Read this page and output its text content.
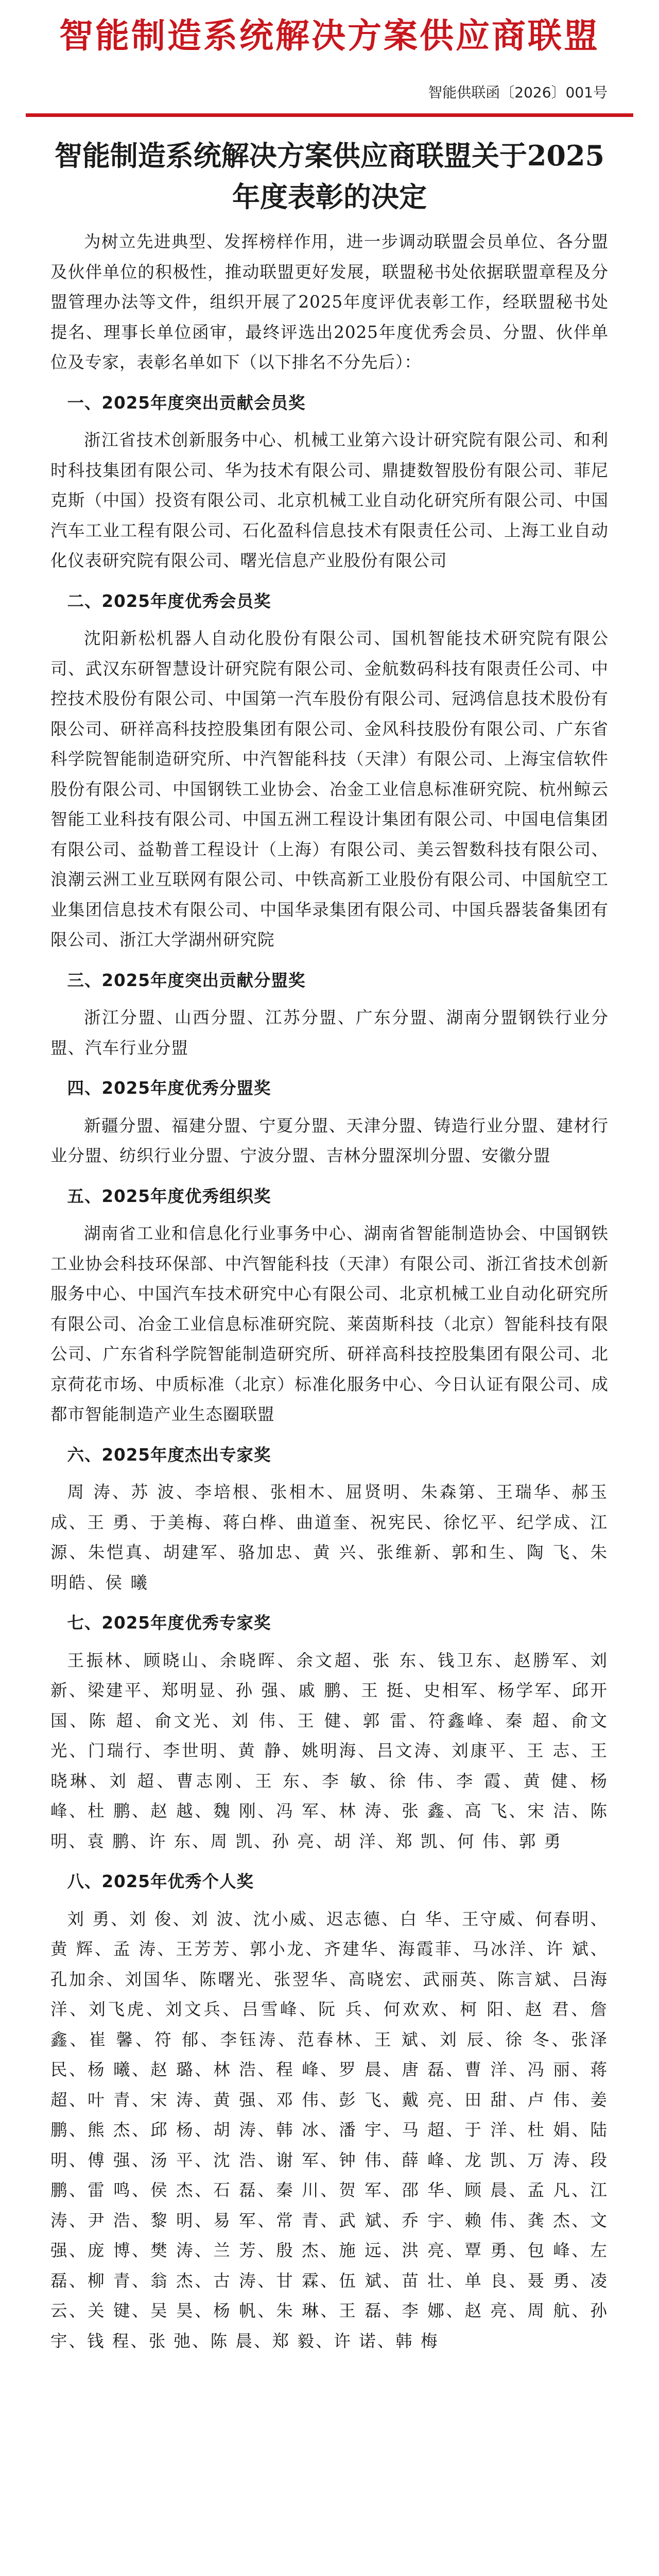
智能制造系统解决方案供应商联盟
智能供联函〔2026〕001号
智能制造系统解决方案供应商联盟关于2025年度表彰的决定

为树立先进典型、发挥榜样作用，进一步调动联盟会员单位、各分盟及伙伴单位的积极性，推动联盟更好发展，联盟秘书处依据联盟章程及分盟管理办法等文件，组织开展了2025年度评优表彰工作，经联盟秘书处提名、理事长单位函审，最终评选出2025年度优秀会员、分盟、伙伴单位及专家，表彰名单如下（以下排名不分先后）：

一、2025年度突出贡献会员奖

浙江省技术创新服务中心、机械工业第六设计研究院有限公司、和利时科技集团有限公司、华为技术有限公司、鼎捷数智股份有限公司、菲尼克斯（中国）投资有限公司、北京机械工业自动化研究所有限公司、中国汽车工业工程有限公司、石化盈科信息技术有限责任公司、上海工业自动化仪表研究院有限公司、曙光信息产业股份有限公司

二、2025年度优秀会员奖

沈阳新松机器人自动化股份有限公司、国机智能技术研究院有限公司、武汉东研智慧设计研究院有限公司、金航数码科技有限责任公司、中控技术股份有限公司、中国第一汽车股份有限公司、冠鸿信息技术股份有限公司、研祥高科技控股集团有限公司、金风科技股份有限公司、广东省科学院智能制造研究所、中汽智能科技（天津）有限公司、上海宝信软件股份有限公司、中国钢铁工业协会、冶金工业信息标准研究院、杭州鲸云智能工业科技有限公司、中国五洲工程设计集团有限公司、中国电信集团有限公司、益勒普工程设计（上海）有限公司、美云智数科技有限公司、浪潮云洲工业互联网有限公司、中铁高新工业股份有限公司、中国航空工业集团信息技术有限公司、中国华录集团有限公司、中国兵器装备集团有限公司、浙江大学湖州研究院

三、2025年度突出贡献分盟奖

浙江分盟、山西分盟、江苏分盟、广东分盟、湖南分盟钢铁行业分盟、汽车行业分盟

四、2025年度优秀分盟奖

新疆分盟、福建分盟、宁夏分盟、天津分盟、铸造行业分盟、建材行业分盟、纺织行业分盟、宁波分盟、吉林分盟深圳分盟、安徽分盟

五、2025年度优秀组织奖

湖南省工业和信息化行业事务中心、湖南省智能制造协会、中国钢铁工业协会科技环保部、中汽智能科技（天津）有限公司、浙江省技术创新服务中心、中国汽车技术研究中心有限公司、北京机械工业自动化研究所有限公司、冶金工业信息标准研究院、莱茵斯科技（北京）智能科技有限公司、广东省科学院智能制造研究所、研祥高科技控股集团有限公司、北京荷花市场、中质标准（北京）标准化服务中心、今日认证有限公司、成都市智能制造产业生态圈联盟

六、2025年度杰出专家奖

周 涛、苏 波、李培根、张相木、屈贤明、朱森第、王瑞华、郝玉成、王 勇、于美梅、蒋白桦、曲道奎、祝宪民、徐忆平、纪学成、江 源、朱恺真、胡建军、骆加忠、黄 兴、张维新、郭和生、陶 飞、朱明皓、侯 曦

七、2025年度优秀专家奖

王振林、顾晓山、余晓晖、余文超、张 东、钱卫东、赵勝军、刘 新、梁建平、郑明显、孙 强、戚 鹏、王 挺、史相军、杨学军、邱开国、陈 超、俞文光、刘 伟、王 健、郭 雷、符鑫峰、秦 超、俞文光、门瑞行、李世明、黄 静、姚明海、吕文涛、刘康平、王 志、王晓琳、刘 超、曹志刚、王 东、李 敏、徐 伟、李 霞、黄 健、杨 峰、杜 鹏、赵 越、魏 刚、冯 军、林 涛、张 鑫、高 飞、宋 洁、陈 明、袁 鹏、许 东、周 凯、孙 亮、胡 洋、郑 凯、何 伟、郭 勇

八、2025年优秀个人奖

刘 勇、刘 俊、刘 波、沈小威、迟志德、白 华、王守威、何春明、黄 辉、孟 涛、王芳芳、郭小龙、齐建华、海霞菲、马冰洋、许 斌、孔加余、刘国华、陈曙光、张翌华、高晓宏、武丽英、陈言斌、吕海洋、刘飞虎、刘文兵、吕雪峰、阮 兵、何欢欢、柯 阳、赵 君、詹 鑫、崔 馨、符 郁、李钰涛、范春林、王 斌、刘 辰、徐 冬、张泽民、杨 曦、赵 璐、林 浩、程 峰、罗 晨、唐 磊、曹 洋、冯 丽、蒋 超、叶 青、宋 涛、黄 强、邓 伟、彭 飞、戴 亮、田 甜、卢 伟、姜 鹏、熊 杰、邱 杨、胡 涛、韩 冰、潘 宇、马 超、于 洋、杜 娟、陆 明、傅 强、汤 平、沈 浩、谢 军、钟 伟、薛 峰、龙 凯、万 涛、段 鹏、雷 鸣、侯 杰、石 磊、秦 川、贺 军、邵 华、顾 晨、孟 凡、江 涛、尹 浩、黎 明、易 军、常 青、武 斌、乔 宇、赖 伟、龚 杰、文 强、庞 博、樊 涛、兰 芳、殷 杰、施 远、洪 亮、覃 勇、包 峰、左 磊、柳 青、翁 杰、古 涛、甘 霖、伍 斌、苗 壮、单 良、聂 勇、凌 云、关 键、吴 昊、杨 帆、朱 琳、王 磊、李 娜、赵 亮、周 航、孙 宇、钱 程、张 弛、陈 晨、郑 毅、许 诺、韩 梅
